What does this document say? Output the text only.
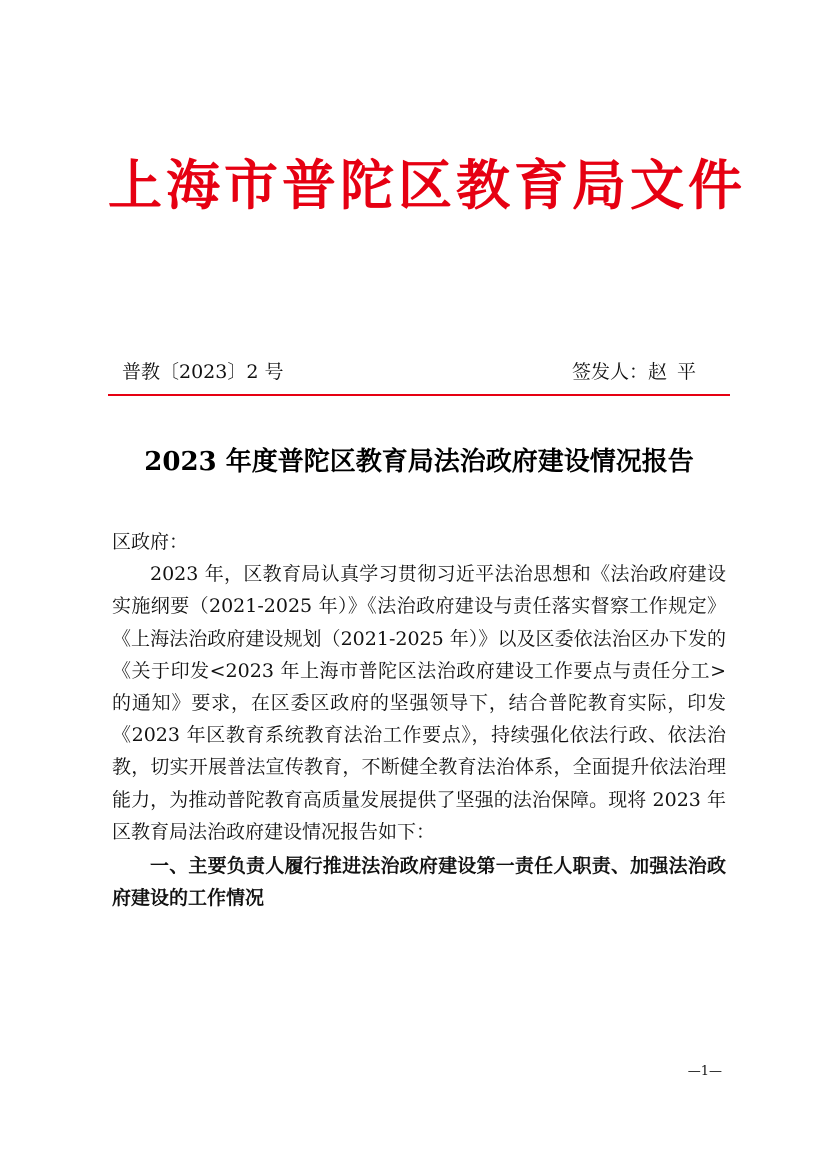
上海市普陀区教育局文件
普教〔2023〕2 号	签发人：赵平
2023 年度普陀区教育局法治政府建设情况报告

区政府：

2023 年，区教育局认真学习贯彻习近平法治思想和《法治政府建设实施纲要（2021-2025 年）》《法治政府建设与责任落实督察工作规定》《上海法治政府建设规划（2021-2025 年）》以及区委依法治区办下发的《关于印发<2023 年上海市普陀区法治政府建设工作要点与责任分工>的通知》要求，在区委区政府的坚强领导下，结合普陀教育实际，印发《2023 年区教育系统教育法治工作要点》，持续强化依法行政、依法治教，切实开展普法宣传教育，不断健全教育法治体系，全面提升依法治理能力，为推动普陀教育高质量发展提供了坚强的法治保障。现将 2023 年区教育局法治政府建设情况报告如下：

一、主要负责人履行推进法治政府建设第一责任人职责、加强法治政府建设的工作情况

—1—
